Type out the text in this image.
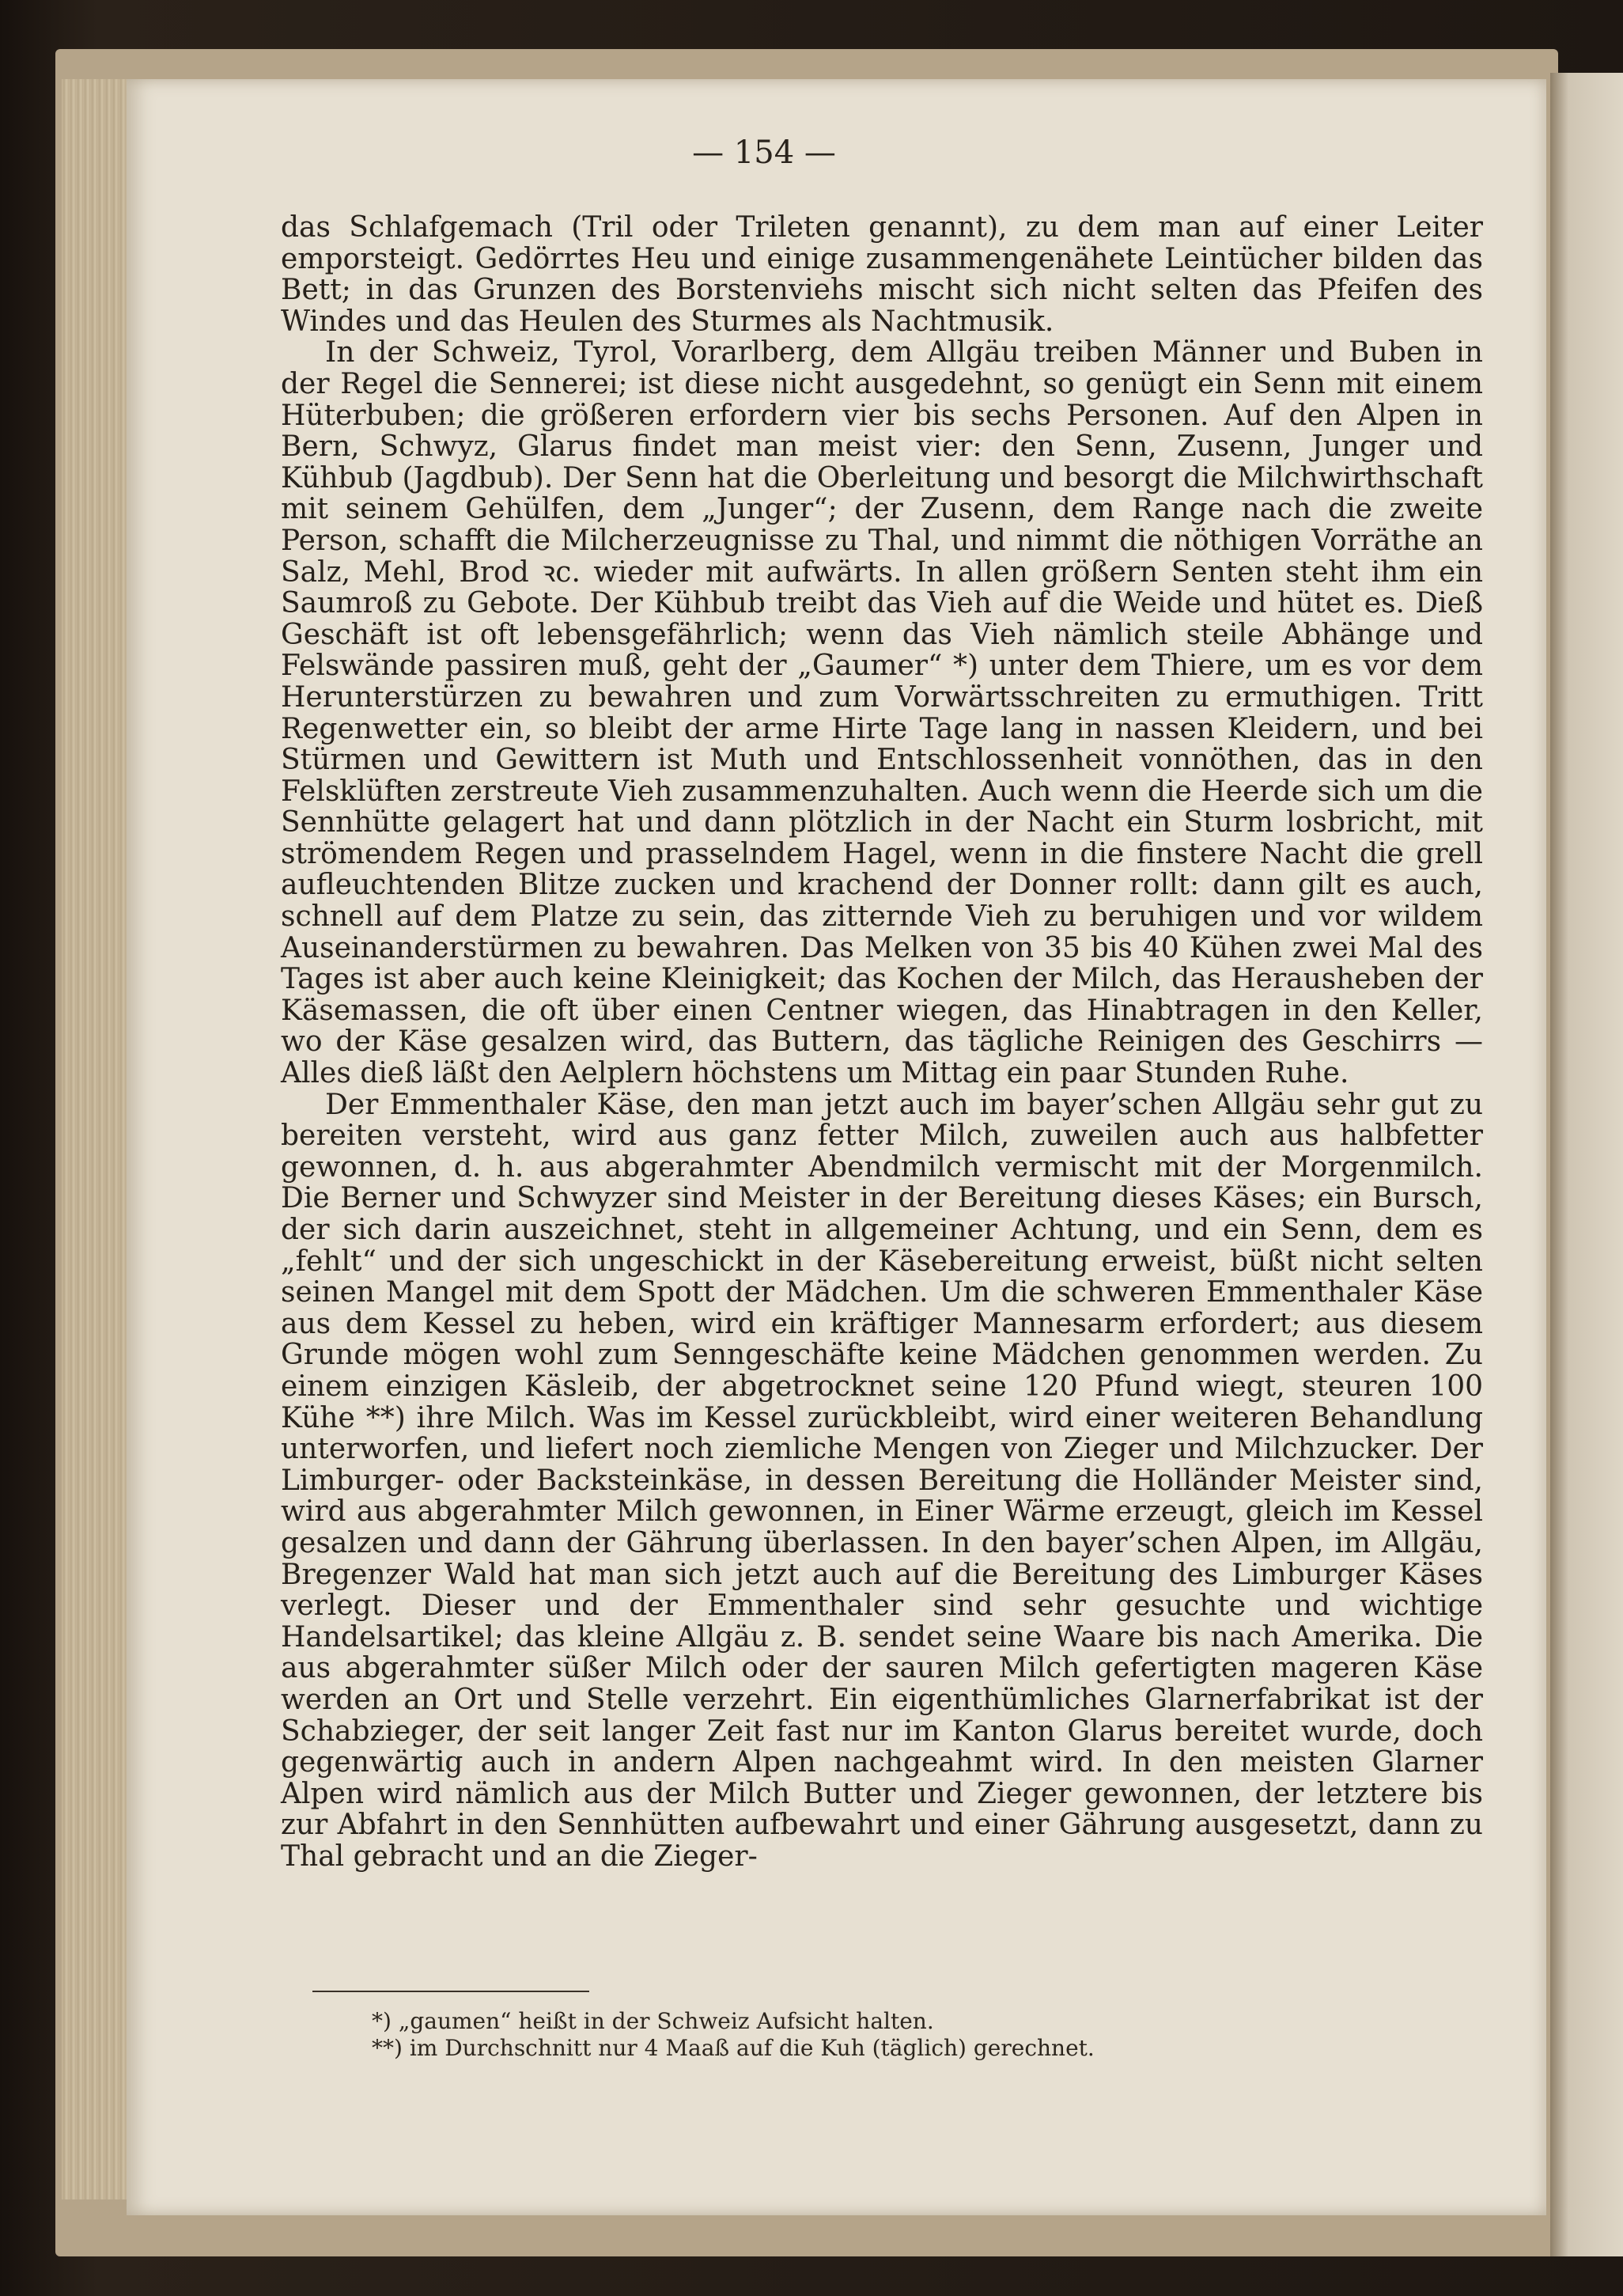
— 154 —

das Schlafgemach (Tril oder Trileten genannt), zu dem man auf einer Leiter emporsteigt. Gedörrtes Heu und einige zusammengenähete Leintücher bilden das Bett; in das Grunzen des Borstenviehs mischt sich nicht selten das Pfeifen des Windes und das Heulen des Sturmes als Nachtmusik.

In der Schweiz, Tyrol, Vorarlberg, dem Allgäu treiben Männer und Buben in der Regel die Sennerei; ist diese nicht ausgedehnt, so genügt ein Senn mit einem Hüterbuben; die größeren erfordern vier bis sechs Personen. Auf den Alpen in Bern, Schwyz, Glarus findet man meist vier: den Senn, Zusenn, Junger und Kühbub (Jagdbub). Der Senn hat die Oberleitung und besorgt die Milchwirthschaft mit seinem Gehülfen, dem „Junger“; der Zusenn, dem Range nach die zweite Person, schafft die Milcherzeugnisse zu Thal, und nimmt die nöthigen Vorräthe an Salz, Mehl, Brod ꝛc. wieder mit aufwärts. In allen größern Senten steht ihm ein Saumroß zu Gebote. Der Kühbub treibt das Vieh auf die Weide und hütet es. Dieß Geschäft ist oft lebensgefährlich; wenn das Vieh nämlich steile Abhänge und Felswände passiren muß, geht der „Gaumer“ *) unter dem Thiere, um es vor dem Herunterstürzen zu bewahren und zum Vorwärtsschreiten zu ermuthigen. Tritt Regenwetter ein, so bleibt der arme Hirte Tage lang in nassen Kleidern, und bei Stürmen und Gewittern ist Muth und Entschlossenheit vonnöthen, das in den Felsklüften zerstreute Vieh zusammenzuhalten. Auch wenn die Heerde sich um die Sennhütte gelagert hat und dann plötzlich in der Nacht ein Sturm losbricht, mit strömendem Regen und prasselndem Hagel, wenn in die finstere Nacht die grell aufleuchtenden Blitze zucken und krachend der Donner rollt: dann gilt es auch, schnell auf dem Platze zu sein, das zitternde Vieh zu beruhigen und vor wildem Auseinanderstürmen zu bewahren. Das Melken von 35 bis 40 Kühen zwei Mal des Tages ist aber auch keine Kleinigkeit; das Kochen der Milch, das Herausheben der Käsemassen, die oft über einen Centner wiegen, das Hinabtragen in den Keller, wo der Käse gesalzen wird, das Buttern, das tägliche Reinigen des Geschirrs — Alles dieß läßt den Aelplern höchstens um Mittag ein paar Stunden Ruhe.

Der Emmenthaler Käse, den man jetzt auch im bayer’schen Allgäu sehr gut zu bereiten versteht, wird aus ganz fetter Milch, zuweilen auch aus halbfetter gewonnen, d. h. aus abgerahmter Abendmilch vermischt mit der Morgenmilch. Die Berner und Schwyzer sind Meister in der Bereitung dieses Käses; ein Bursch, der sich darin auszeichnet, steht in allgemeiner Achtung, und ein Senn, dem es „fehlt“ und der sich ungeschickt in der Käsebereitung erweist, büßt nicht selten seinen Mangel mit dem Spott der Mädchen. Um die schweren Emmenthaler Käse aus dem Kessel zu heben, wird ein kräftiger Mannesarm erfordert; aus diesem Grunde mögen wohl zum Senngeschäfte keine Mädchen genommen werden. Zu einem einzigen Käsleib, der abgetrocknet seine 120 Pfund wiegt, steuren 100 Kühe **) ihre Milch. Was im Kessel zurückbleibt, wird einer weiteren Behandlung unterworfen, und liefert noch ziemliche Mengen von Zieger und Milchzucker. Der Limburger- oder Backsteinkäse, in dessen Bereitung die Holländer Meister sind, wird aus abgerahmter Milch gewonnen, in Einer Wärme erzeugt, gleich im Kessel gesalzen und dann der Gährung überlassen. In den bayer’schen Alpen, im Allgäu, Bregenzer Wald hat man sich jetzt auch auf die Bereitung des Limburger Käses verlegt. Dieser und der Emmenthaler sind sehr gesuchte und wichtige Handelsartikel; das kleine Allgäu z. B. sendet seine Waare bis nach Amerika. Die aus abgerahmter süßer Milch oder der sauren Milch gefertigten mageren Käse werden an Ort und Stelle verzehrt. Ein eigenthümliches Glarnerfabrikat ist der Schabzieger, der seit langer Zeit fast nur im Kanton Glarus bereitet wurde, doch gegenwärtig auch in andern Alpen nachgeahmt wird. In den meisten Glarner Alpen wird nämlich aus der Milch Butter und Zieger gewonnen, der letztere bis zur Abfahrt in den Sennhütten aufbewahrt und einer Gährung ausgesetzt, dann zu Thal gebracht und an die Zieger-

*) „gaumen“ heißt in der Schweiz Aufsicht halten.

**) im Durchschnitt nur 4 Maaß auf die Kuh (täglich) gerechnet.
